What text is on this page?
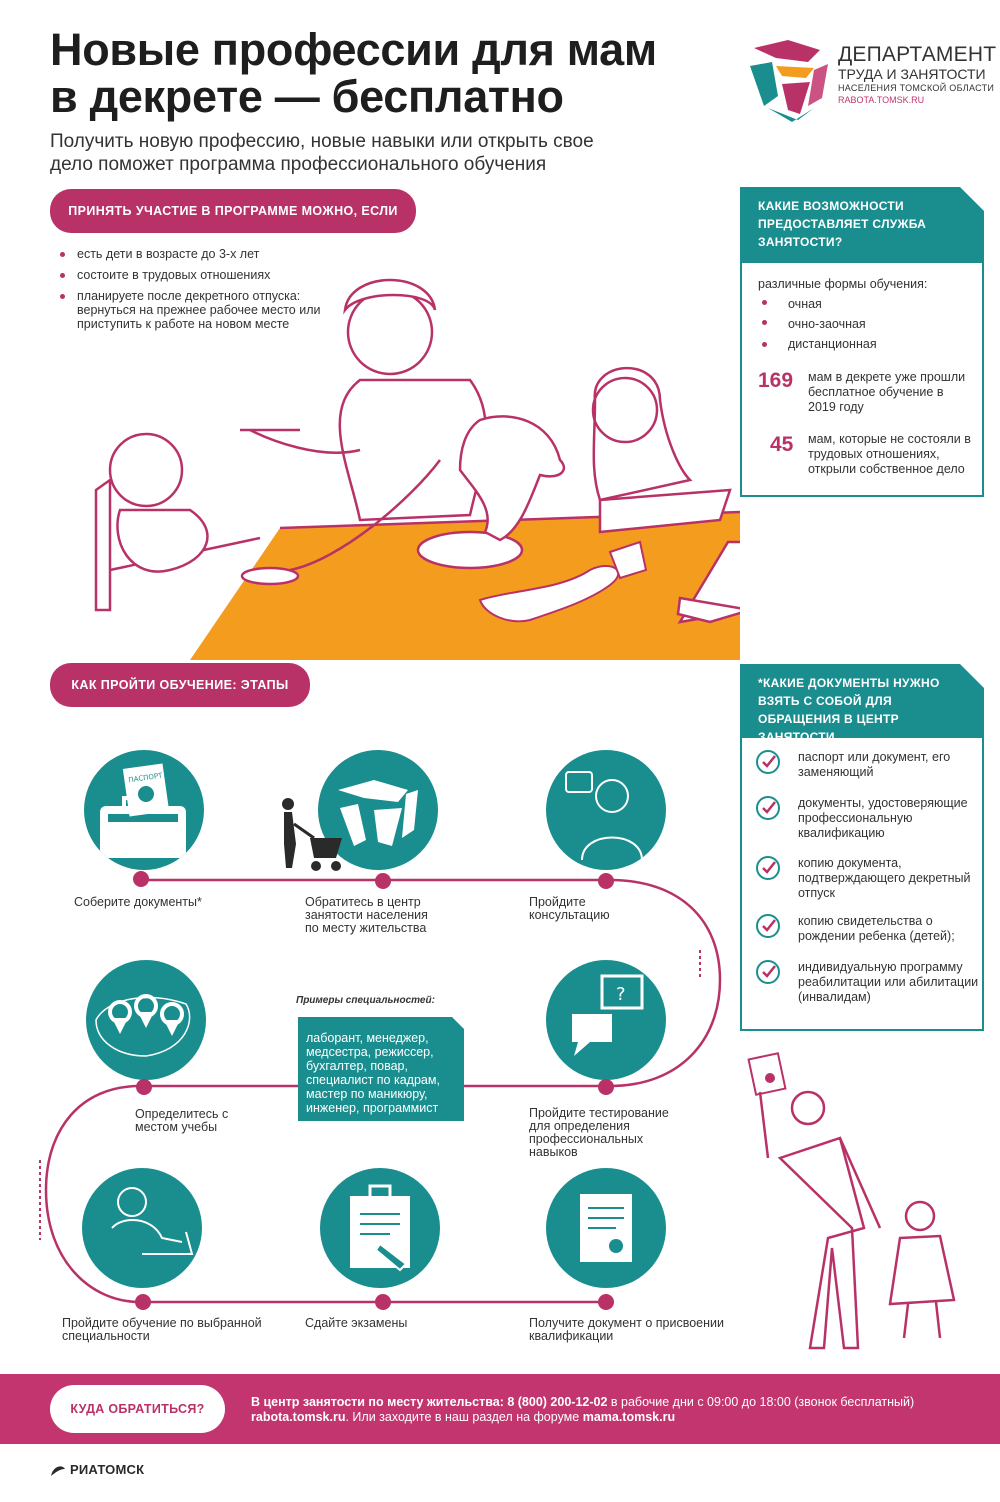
Новые профессии для мам
в декрете — бесплатно
Получить новую профессию, новые навыки или открыть свое
дело поможет программа профессионального обучения
ДЕПАРТАМЕНТ
ТРУДА И ЗАНЯТОСТИ
НАСЕЛЕНИЯ ТОМСКОЙ ОБЛАСТИ
RABOTA.TOMSK.RU
ПРИНЯТЬ УЧАСТИЕ В ПРОГРАММЕ МОЖНО, ЕСЛИ
есть дети в возрасте до 3-х лет
состоите в трудовых отношениях
планируете после декретного отпуска: вернуться на прежнее рабочее место или приступить к работе на новом месте
КАКИЕ ВОЗМОЖНОСТИ ПРЕДОСТАВЛЯЕТ СЛУЖБА ЗАНЯТОСТИ?
различные формы обучения:
очная
очно-заочная
дистанционная
169 мам в декрете уже прошли бесплатное обучение в 2019 году
45 мам, которые не состояли в трудовых отношениях, открыли собственное дело
КАК ПРОЙТИ ОБУЧЕНИЕ: ЭТАПЫ
ПАСПОРТ
?
Соберите документы*	Обратитесь в центр занятости населения по месту жительства
Пройдите консультацию
Определитесь с местом учебы
Пройдите тестирование для определения профессиональных навыков
Пройдите обучение по выбранной специальности
Сдайте экзамены	Получите документ о присвоении квалификации
Примеры специальностей:
лаборант, менеджер, медсестра, режиссер, бухгалтер, повар, специалист по кадрам, мастер по маникюру, инженер, программист
*КАКИЕ ДОКУМЕНТЫ НУЖНО ВЗЯТЬ С СОБОЙ ДЛЯ ОБРАЩЕНИЯ В ЦЕНТР ЗАНЯТОСТИ
паспорт или документ, его заменяющий
документы, удостоверяющие профессиональную квалификацию
копию документа, подтверждающего декретный отпуск
копию свидетельства о рождении ребенка (детей);
индивидуальную программу реабилитации или абилитации (инвалидам)
КУДА ОБРАТИТЬСЯ?	В центр занятости по месту жительства: 8 (800) 200-12-02 в рабочие дни с 09:00 до 18:00 (звонок бесплатный)
rabota.tomsk.ru. Или заходите в наш раздел на форуме mama.tomsk.ru
РИАТОМСК
